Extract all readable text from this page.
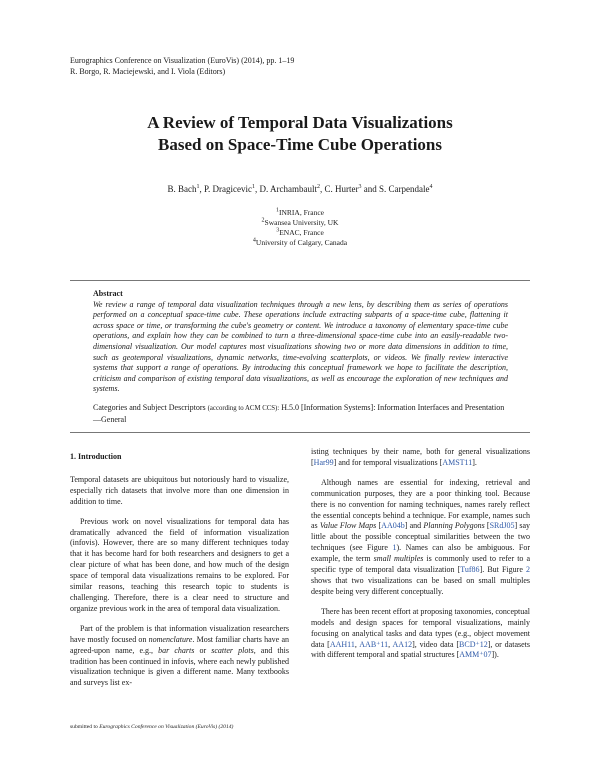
Eurographics Conference on Visualization (EuroVis) (2014), pp. 1–19
R. Borgo, R. Maciejewski, and I. Viola (Editors)
A Review of Temporal Data Visualizations
Based on Space-Time Cube Operations
B. Bach$^1$, P. Dragicevic$^1$, D. Archambault$^2$, C. Hurter$^3$ and S. Carpendale$^4$
$^1$INRIA, France
$^2$Swansea University, UK
$^3$ENAC, France
$^4$University of Calgary, Canada
Abstract
We review a range of temporal data visualization techniques through a new lens, by describing them as series of operations performed on a conceptual space-time cube. These operations include extracting subparts of a space-time cube, flattening it across space or time, or transforming the cube's geometry or content. We introduce a taxonomy of elementary space-time cube operations, and explain how they can be combined to turn a three-dimensional space-time cube into an easily-readable two-dimensional visualization. Our model captures most visualizations showing two or more data dimensions in addition to time, such as geotemporal visualizations, dynamic networks, time-evolving scatterplots, or videos. We finally review interactive systems that support a range of operations. By introducing this conceptual framework we hope to facilitate the description, criticism and comparison of existing temporal data visualizations, as well as encourage the exploration of new techniques and systems.
Categories and Subject Descriptors (according to ACM CCS): H.5.0 [Information Systems]: Information Interfaces and Presentation—General
1. Introduction

Temporal datasets are ubiquitous but notoriously hard to visualize, especially rich datasets that involve more than one dimension in addition to time.

Previous work on novel visualizations for temporal data has dramatically advanced the field of information visualization (infovis). However, there are so many different techniques today that it has become hard for both researchers and designers to get a clear picture of what has been done, and how much of the design space of temporal data visualizations remains to be explored. For similar reasons, teaching this research topic to students is challenging. Therefore, there is a clear need to structure and organize previous work in the area of temporal data visualization.

Part of the problem is that information visualization researchers have mostly focused on nomenclature. Most familiar charts have an agreed-upon name, e.g., bar charts or scatter plots, and this tradition has been continued in infovis, where each newly published visualization technique is given a different name. Many textbooks and surveys list ex-

isting techniques by their name, both for general visualizations [Har99] and for temporal visualizations [AMST11].

Although names are essential for indexing, retrieval and communication purposes, they are a poor thinking tool. Because there is no convention for naming techniques, names rarely reflect the essential concepts behind a technique. For example, names such as Value Flow Maps [AA04b] and Planning Polygons [SRdJ05] say little about the possible conceptual similarities between the two techniques (see Figure 1). Names can also be ambiguous. For example, the term small multiples is commonly used to refer to a specific type of temporal data visualization [Tuf86]. But Figure 2 shows that two visualizations can be based on small multiples despite being very different conceptually.

There has been recent effort at proposing taxonomies, conceptual models and design spaces for temporal visualizations, mainly focusing on analytical tasks and data types (e.g., object movement data [AAH11, AAB⁺11, AA12], video data [BCD⁺12], or datasets with different temporal and spatial structures [AMM⁺07]).

submitted to Eurographics Conference on Visualization (EuroVis) (2014)
